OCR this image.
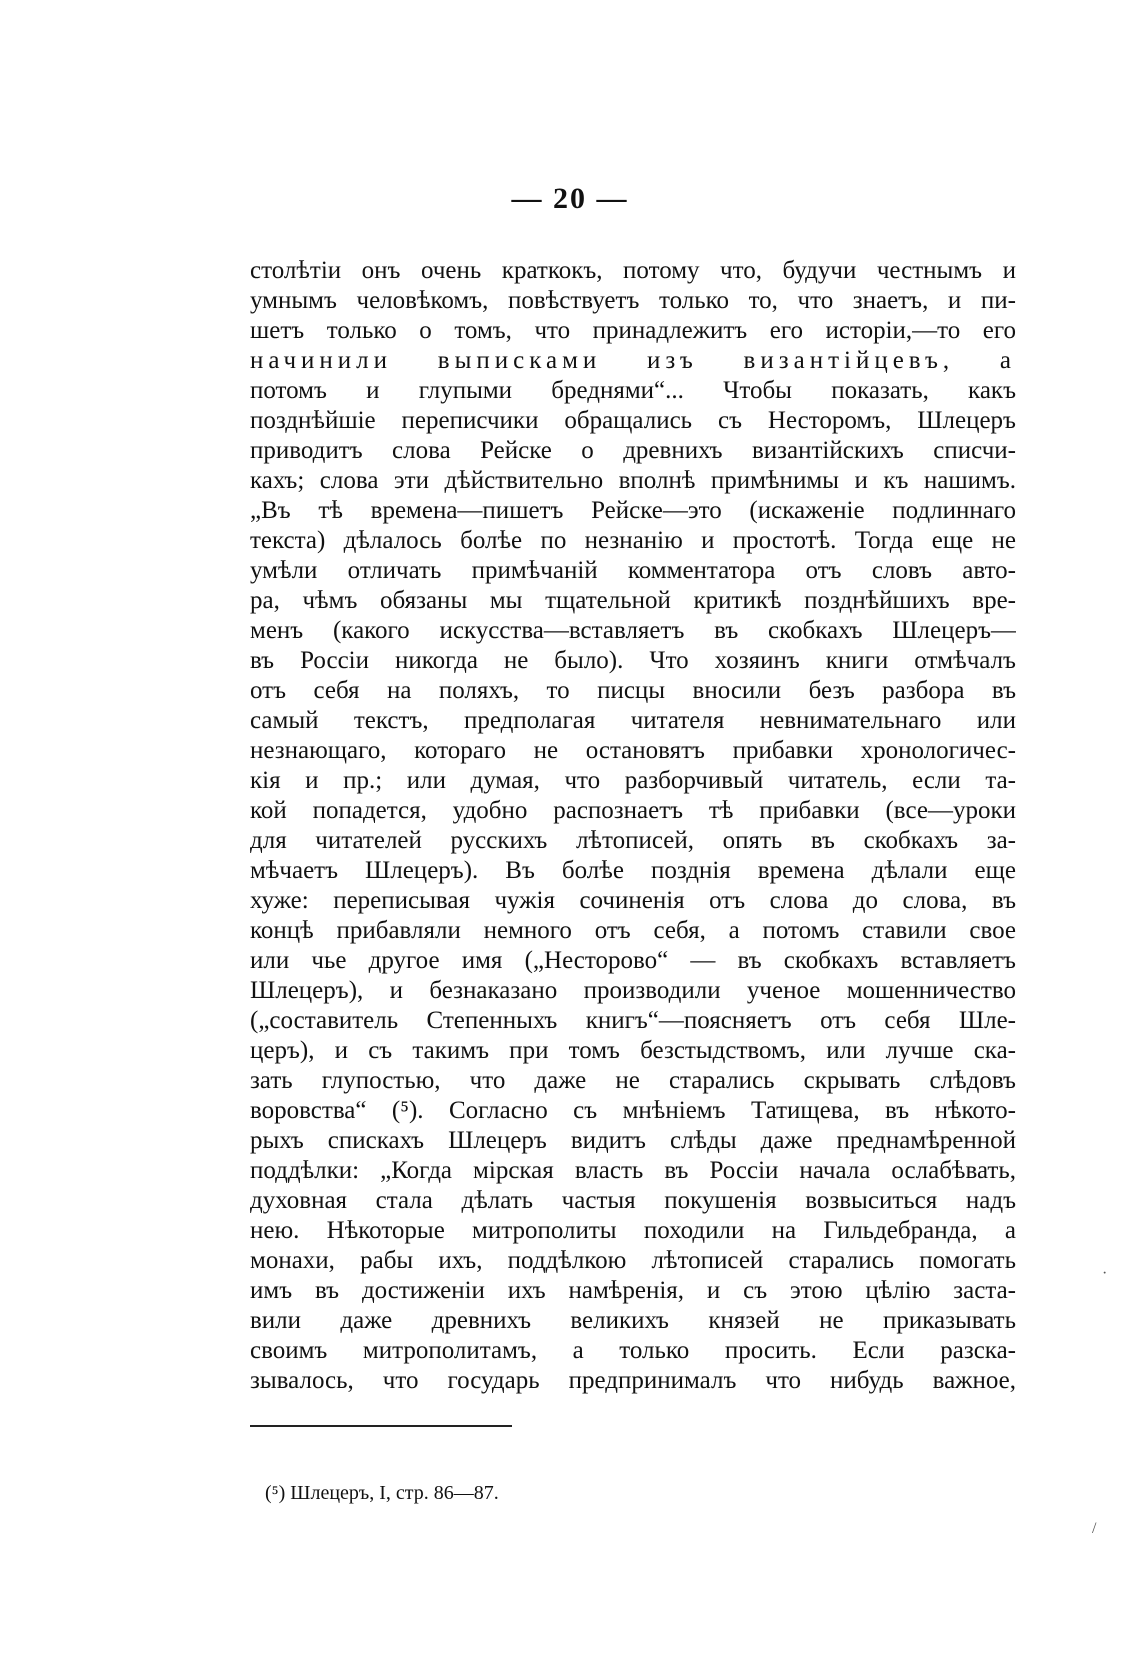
— 20 —
столѣтіи онъ очень краткокъ, потому что, будучи честнымъ и
умнымъ человѣкомъ, повѣствуетъ только то, что знаетъ, и пи-
шетъ только о томъ, что принадлежитъ его исторіи,—то его
начинили выписками изъ византійцевъ, а
потомъ и глупыми бреднями“... Чтобы показать, какъ
позднѣйшіе переписчики обращались съ Несторомъ, Шлецеръ
приводитъ слова Рейске о древнихъ византійскихъ списчи-
кахъ; слова эти дѣйствительно вполнѣ примѣнимы и къ нашимъ.
„Въ тѣ времена—пишетъ Рейске—это (искаженіе подлиннаго
текста) дѣлалось болѣе по незнанію и простотѣ. Тогда еще не
умѣли отличать примѣчаній комментатора отъ словъ авто-
ра, чѣмъ обязаны мы тщательной критикѣ позднѣйшихъ вре-
менъ (какого искусства—вставляетъ въ скобкахъ Шлецеръ—
въ Россіи никогда не было). Что хозяинъ книги отмѣчалъ
отъ себя на поляхъ, то писцы вносили безъ разбора въ
самый текстъ, предполагая читателя невнимательнаго или
незнающаго, котораго не остановятъ прибавки хронологичес-
кія и пр.; или думая, что разборчивый читатель, если та-
кой попадется, удобно распознаетъ тѣ прибавки (все—уроки
для читателей русскихъ лѣтописей, опять въ скобкахъ за-
мѣчаетъ Шлецеръ). Въ болѣе позднія времена дѣлали еще
хуже: переписывая чужія сочиненія отъ слова до слова, въ
концѣ прибавляли немного отъ себя, а потомъ ставили свое
или чье другое имя („Несторово“ — въ скобкахъ вставляетъ
Шлецеръ), и безнаказано производили ученое мошенничество
(„составитель Степенныхъ книгъ“—поясняетъ отъ себя Шле-
церъ), и съ такимъ при томъ безстыдствомъ, или лучше ска-
зать глупостью, что даже не старались скрывать слѣдовъ
воровства“ (⁵). Согласно съ мнѣніемъ Татищева, въ нѣкото-
рыхъ спискахъ Шлецеръ видитъ слѣды даже преднамѣренной
поддѣлки: „Когда мірская власть въ Россіи начала ослабѣвать,
духовная стала дѣлать частыя покушенія возвыситься надъ
нею. Нѣкоторые митрополиты походили на Гильдебранда, а
монахи, рабы ихъ, поддѣлкою лѣтописей старались помогать
имъ въ достиженіи ихъ намѣренія, и съ этою цѣлію заста-
вили даже древнихъ великихъ князей не приказывать
своимъ митрополитамъ, а только просить. Если разска-
зывалось, что государь предпринималъ что нибудь важное,
(⁵) Шлецеръ, I, стр. 86—87.
·
/
